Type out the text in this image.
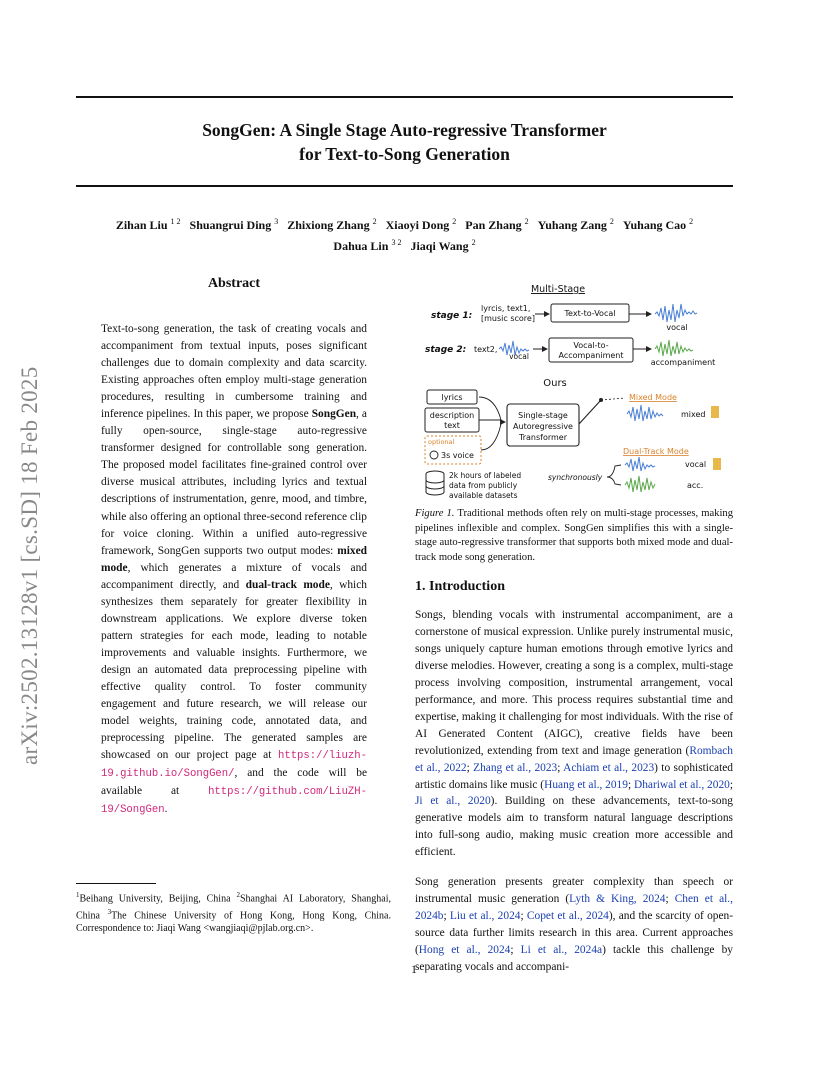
SongGen: A Single Stage Auto-regressive Transformer
for Text-to-Song Generation
Zihan Liu $^{1 2}$ Shuangrui Ding $^3$ Zhixiong Zhang $^2$ Xiaoyi Dong $^2$ Pan Zhang $^2$ Yuhang Zang $^2$ Yuhang Cao $^2$
Dahua Lin $^{3 2}$ Jiaqi Wang $^2$
arXiv:2502.13128v1 [cs.SD] 18 Feb 2025
Abstract

Text-to-song generation, the task of creating vocals and accompaniment from textual inputs, poses significant challenges due to domain complexity and data scarcity. Existing approaches often employ multi-stage generation procedures, resulting in cumbersome training and inference pipelines. In this paper, we propose SongGen, a fully open-source, single-stage auto-regressive transformer designed for controllable song generation. The proposed model facilitates fine-grained control over diverse musical attributes, including lyrics and textual descriptions of instrumentation, genre, mood, and timbre, while also offering an optional three-second reference clip for voice cloning. Within a unified auto-regressive framework, SongGen supports two output modes: mixed mode, which generates a mixture of vocals and accompaniment directly, and dual-track mode, which synthesizes them separately for greater flexibility in downstream applications. We explore diverse token pattern strategies for each mode, leading to notable improvements and valuable insights. Furthermore, we design an automated data preprocessing pipeline with effective quality control. To foster community engagement and future research, we will release our model weights, training code, annotated data, and preprocessing pipeline. The generated samples are showcased on our project page at https://liuzh-19.github.io/SongGen/, and the code will be available at https://github.com/LiuZH-19/SongGen.

$^1$Beihang University, Beijing, China $^2$Shanghai AI Laboratory, Shanghai, China $^3$The Chinese University of Hong Kong, Hong Kong, China. Correspondence to: Jiaqi Wang <wangjiaqi@pjlab.org.cn>.

Multi-Stage
stage 1:
lyrcis, text1,
[music score]
Text-to-Vocal
vocal
stage 2: text2,
vocal
Vocal-to-
Accompaniment
accompaniment
Ours
lyrics
description
text
optional
3s voice
Single-stage
Autoregressive
Transformer
Mixed Mode
mixed
Dual-Track Mode
synchronously
vocal
acc.
2k hours of labeled
data from publicly
available datasets

Figure 1. Traditional methods often rely on multi-stage processes, making pipelines inflexible and complex. SongGen simplifies this with a single-stage auto-regressive transformer that supports both mixed mode and dual-track mode song generation.

1. Introduction

Songs, blending vocals with instrumental accompaniment, are a cornerstone of musical expression. Unlike purely instrumental music, songs uniquely capture human emotions through emotive lyrics and diverse melodies. However, creating a song is a complex, multi-stage process involving composition, instrumental arrangement, vocal performance, and more. This process requires substantial time and expertise, making it challenging for most individuals. With the rise of AI Generated Content (AIGC), creative fields have been revolutionized, extending from text and image generation (Rombach et al., 2022; Zhang et al., 2023; Achiam et al., 2023) to sophisticated artistic domains like music (Huang et al., 2019; Dhariwal et al., 2020; Ji et al., 2020). Building on these advancements, text-to-song generative models aim to transform natural language descriptions into full-song audio, making music creation more accessible and efficient.

Song generation presents greater complexity than speech or instrumental music generation (Lyth & King, 2024; Chen et al., 2024b; Liu et al., 2024; Copet et al., 2024), and the scarcity of open-source data further limits research in this area. Current approaches (Hong et al., 2024; Li et al., 2024a) tackle this challenge by separating vocals and accompani-

1
